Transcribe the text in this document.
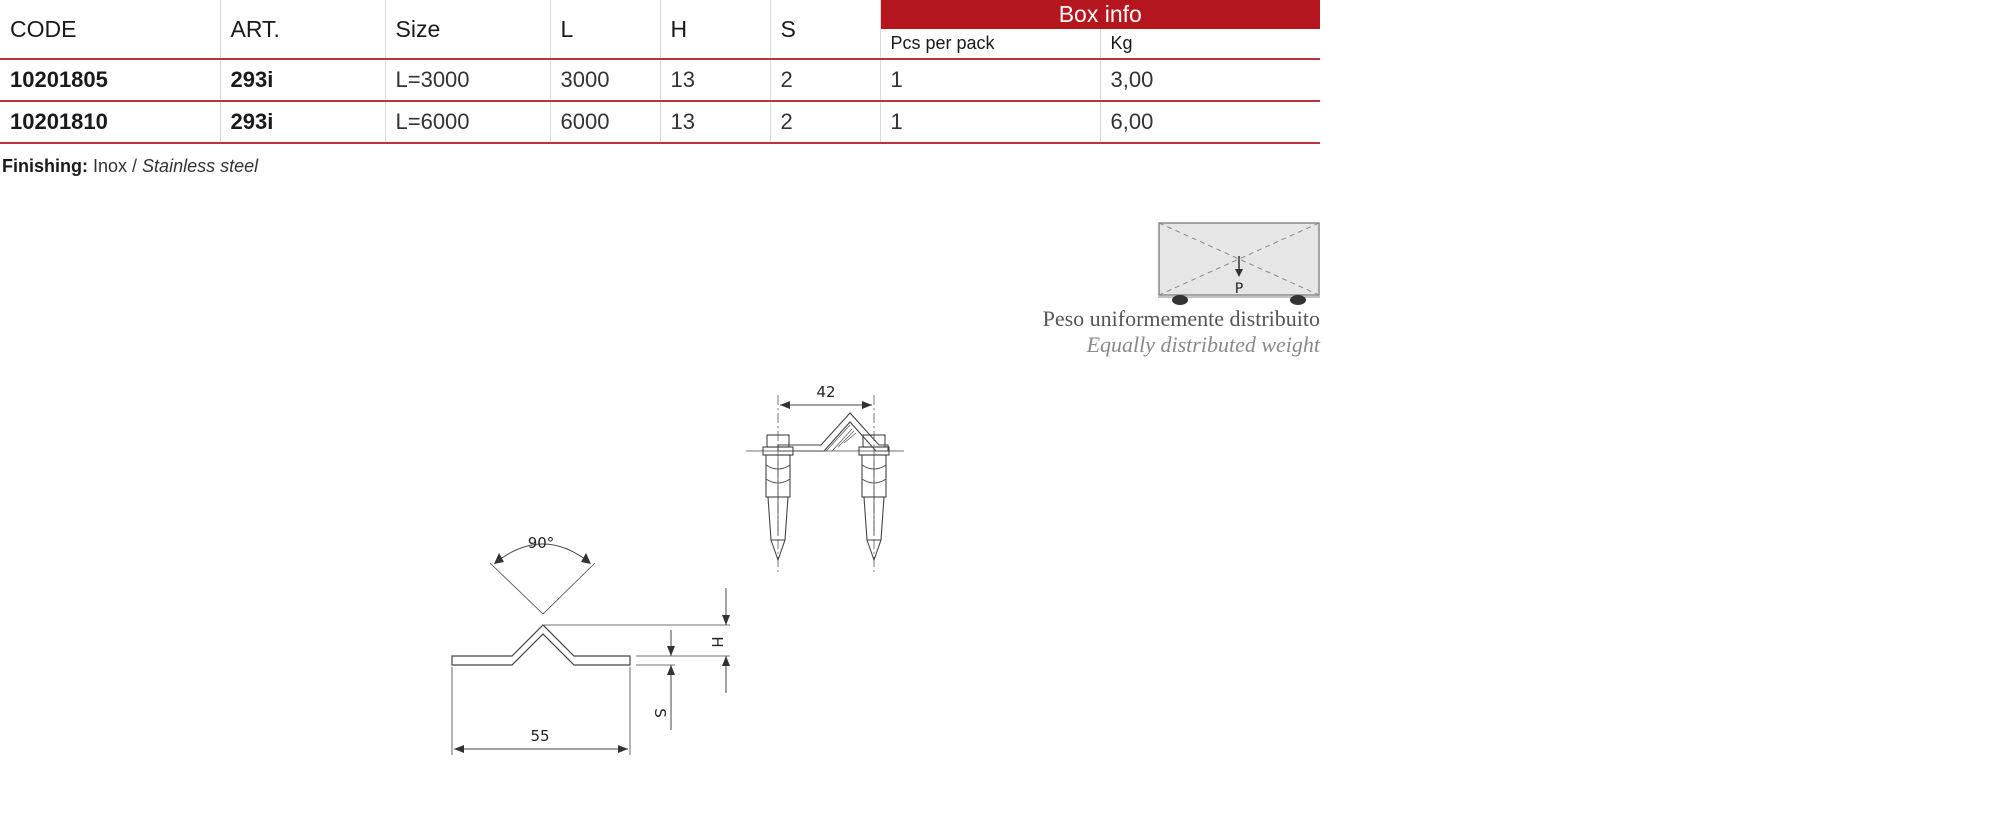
CODE	ART.	Size	L	H	S	Box info	
						Pcs per pack	Kg
10201805	293i	L=3000	3000	13	2	1	3,00
10201810	293i	L=6000	6000	13	2	1	6,00
Finishing: Inox / Stainless steel
P
Peso uniformemente distribuito
Equally distributed weight
90°
55
H
S
42
